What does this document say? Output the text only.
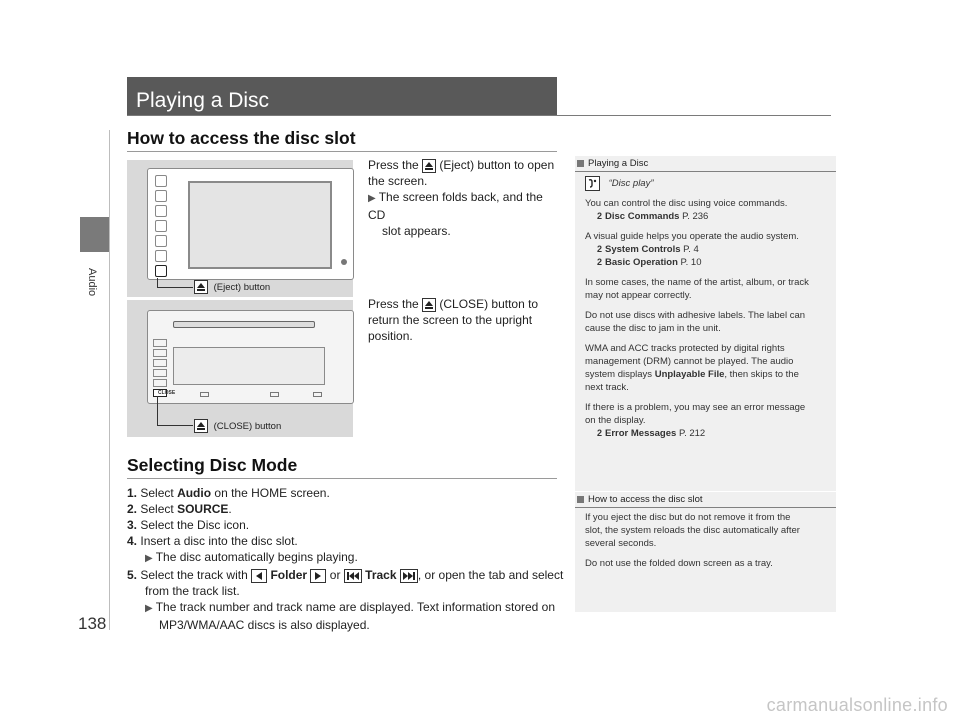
Audio
138
Playing a Disc
How to access the disc slot
(Eject) button
CLOSE
(CLOSE) button
Press the (Eject) button to open
the screen.
▶ The screen folds back, and the CD
slot appears.
Press the (CLOSE) button to
return the screen to the upright
position.
Selecting Disc Mode
1. Select Audio on the HOME screen.
2. Select SOURCE.
3. Select the Disc icon.
4. Insert a disc into the disc slot.
▶ The disc automatically begins playing.
5. Select the track with Folder or Track , or open the tab and select
from the track list.
▶ The track number and track name are displayed. Text information stored on
MP3/WMA/AAC discs is also displayed.
Playing a Disc
“Disc play”
You can control the disc using voice commands.
2 Disc Commands P. 236
A visual guide helps you operate the audio system.
2 System Controls P. 4
2 Basic Operation P. 10
In some cases, the name of the artist, album, or track
may not appear correctly.
Do not use discs with adhesive labels. The label can
cause the disc to jam in the unit.
WMA and ACC tracks protected by digital rights
management (DRM) cannot be played. The audio
system displays Unplayable File, then skips to the
next track.
If there is a problem, you may see an error message
on the display.
2 Error Messages P. 212
How to access the disc slot
If you eject the disc but do not remove it from the
slot, the system reloads the disc automatically after
several seconds.
Do not use the folded down screen as a tray.
carmanualsonline.info
